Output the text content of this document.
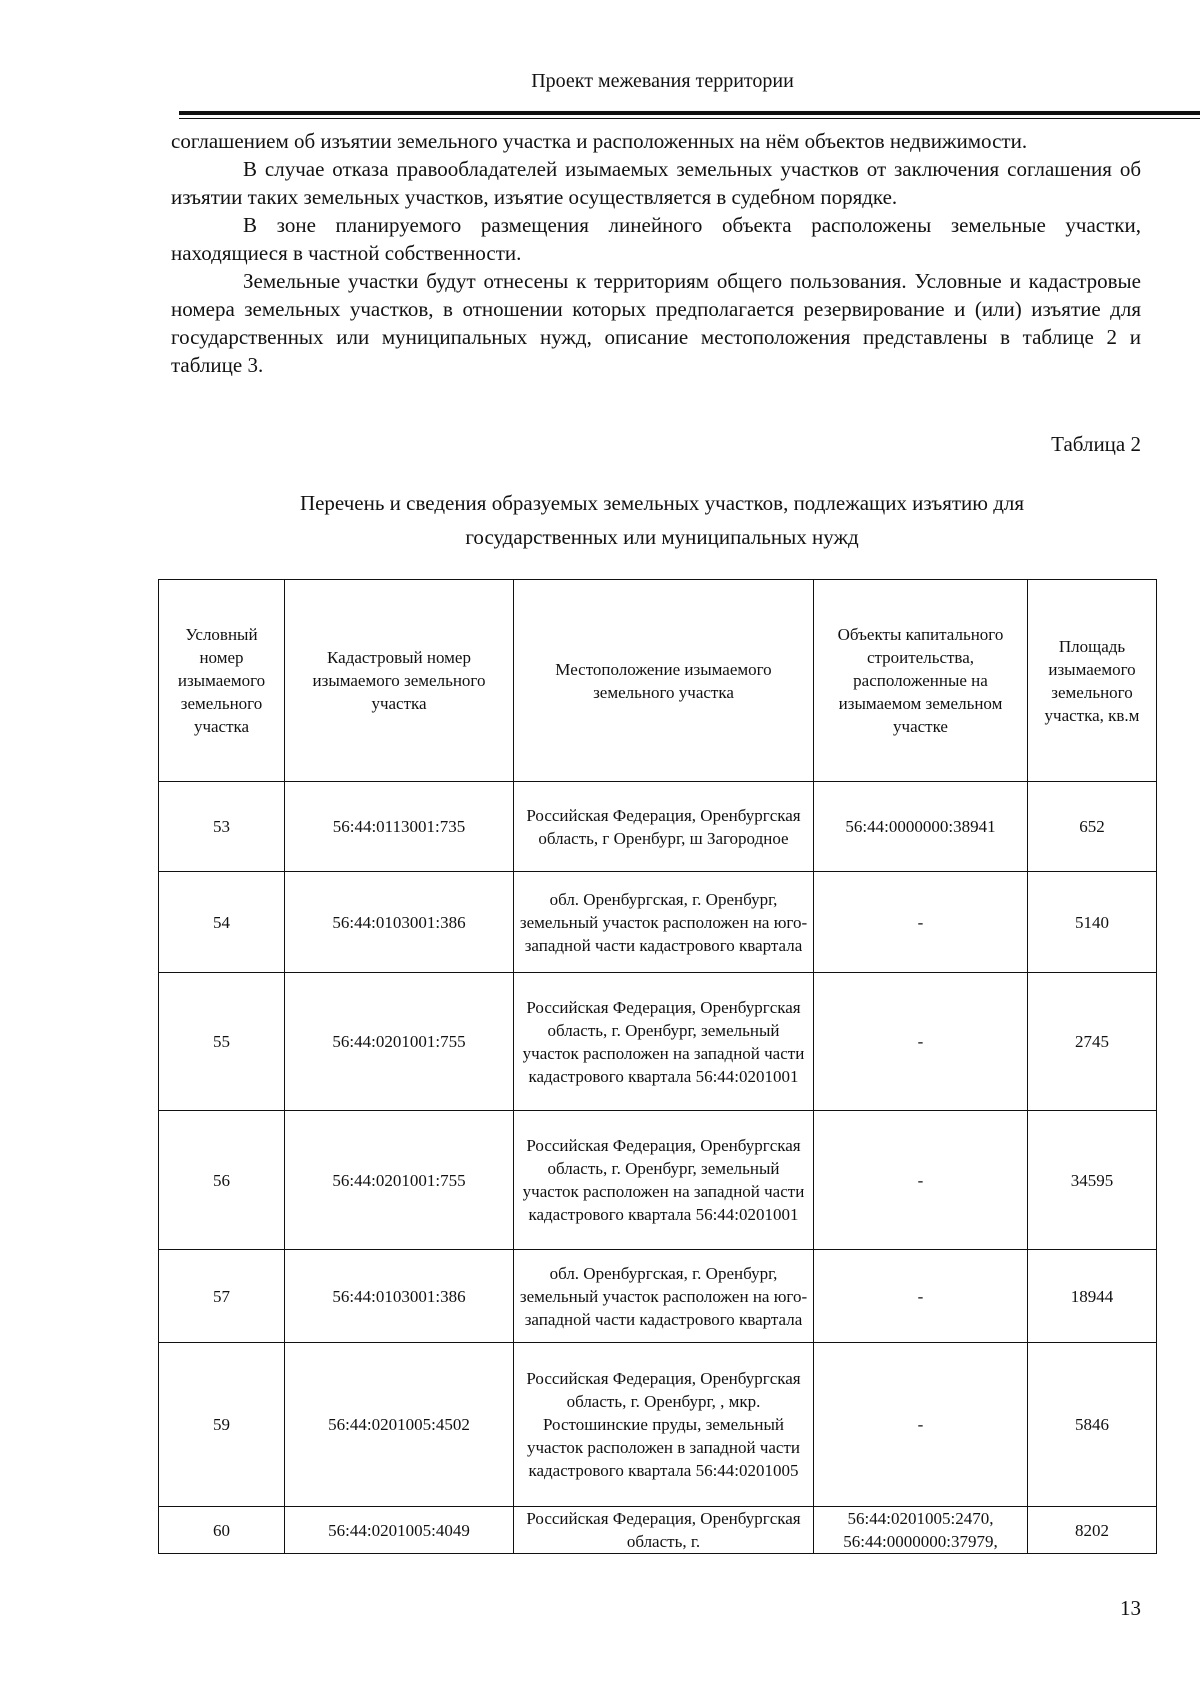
Проект межевания территории

соглашением об изъятии земельного участка и расположенных на нём объектов недвижимости.

В случае отказа правообладателей изымаемых земельных участков от заключения соглашения об изъятии таких земельных участков, изъятие осуществляется в судебном порядке.

В зоне планируемого размещения линейного объекта расположены земельные участки, находящиеся в частной собственности.

Земельные участки будут отнесены к территориям общего пользования. Условные и кадастровые номера земельных участков, в отношении которых предполагается резервирование и (или) изъятие для государственных или муниципальных нужд, описание местоположения представлены в таблице 2 и таблице 3.

Таблица 2
Перечень и сведения образуемых земельных участков, подлежащих изъятию для государственных или муниципальных нужд
Условный номер изымаемого земельного участка	Кадастровый номер изымаемого земельного участка	Местоположение изымаемого земельного участка	Объекты капитального строительства, расположенные на изымаемом земельном участке	Площадь изымаемого земельного участка, кв.м
53	56:44:0113001:735	Российская Федерация, Оренбургская область, г Оренбург, ш Загородное	56:44:0000000:38941	652
54	56:44:0103001:386	обл. Оренбургская, г. Оренбург, земельный участок расположен на юго-западной части кадастрового квартала	-	5140
55	56:44:0201001:755	Российская Федерация, Оренбургская область, г. Оренбург, земельный участок расположен на западной части кадастрового квартала 56:44:0201001	-	2745
56	56:44:0201001:755	Российская Федерация, Оренбургская область, г. Оренбург, земельный участок расположен на западной части кадастрового квартала 56:44:0201001	-	34595
57	56:44:0103001:386	обл. Оренбургская, г. Оренбург, земельный участок расположен на юго-западной части кадастрового квартала	-	18944
59	56:44:0201005:4502	Российская Федерация, Оренбургская область, г. Оренбург, , мкр. Ростошинские пруды, земельный участок расположен в западной части кадастрового квартала 56:44:0201005	-	5846
60	56:44:0201005:4049	Российская Федерация, Оренбургская область, г.	56:44:0201005:2470, 56:44:0000000:37979,	8202
13
